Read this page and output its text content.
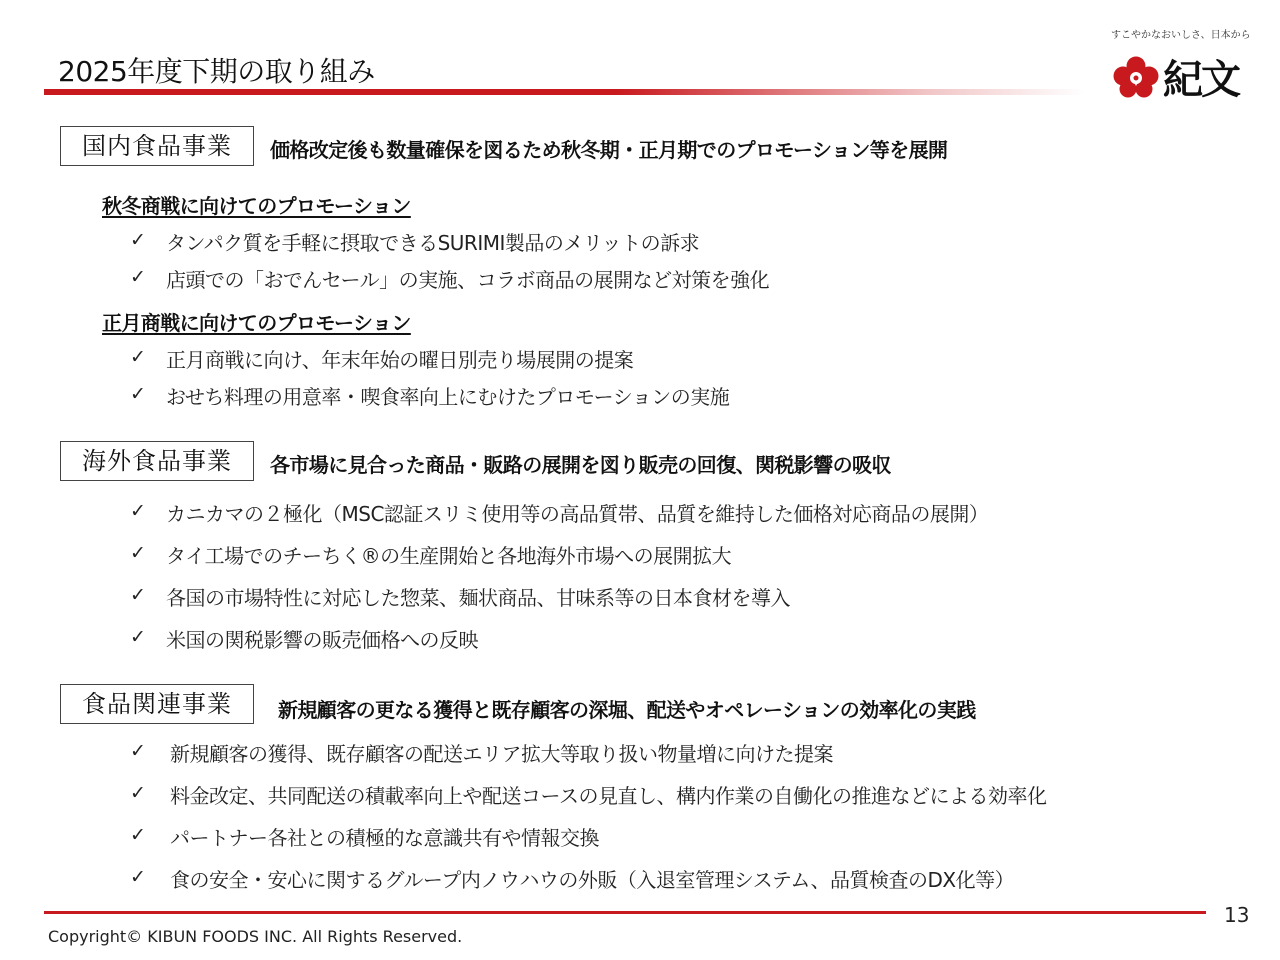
2025年度下期の取り組み
すこやかなおいしさ、日本から
紀文
国内食品事業	価格改定後も数量確保を図るため秋冬期・正月期でのプロモーション等を展開
秋冬商戦に向けてのプロモーション
✓ タンパク質を手軽に摂取できるSURIMI製品のメリットの訴求
✓ 店頭での「おでんセール」の実施、コラボ商品の展開など対策を強化
正月商戦に向けてのプロモーション
✓ 正月商戦に向け、年末年始の曜日別売り場展開の提案
✓ おせち料理の用意率・喫食率向上にむけたプロモーションの実施
海外食品事業	各市場に見合った商品・販路の展開を図り販売の回復、関税影響の吸収
✓ カニカマの２極化（MSC認証スリミ使用等の高品質帯、品質を維持した価格対応商品の展開）
✓ タイ工場でのチーちく®の生産開始と各地海外市場への展開拡大
✓ 各国の市場特性に対応した惣菜、麺状商品、甘味系等の日本食材を導入
✓ 米国の関税影響の販売価格への反映
食品関連事業	新規顧客の更なる獲得と既存顧客の深堀、配送やオペレーションの効率化の実践
✓ 新規顧客の獲得、既存顧客の配送エリア拡大等取り扱い物量増に向けた提案
✓ 料金改定、共同配送の積載率向上や配送コースの見直し、構内作業の自働化の推進などによる効率化
✓ パートナー各社との積極的な意識共有や情報交換
✓ 食の安全・安心に関するグループ内ノウハウの外販（入退室管理システム、品質検査のDX化等）
13
Copyright© KIBUN FOODS INC. All Rights Reserved.
